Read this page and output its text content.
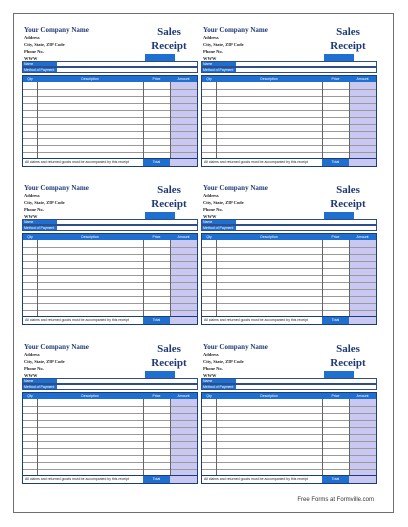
Your Company Name
Address
City, State, ZIP Code
Phone No.
WWW
Sales
Receipt
Name
Method of Payment
Qty	Description	Price	Amount
All claims and returned goods must be accompanied by this receipt	Total
Your Company Name
Address
City, State, ZIP Code
Phone No.
WWW
Sales
Receipt
Name
Method of Payment
Qty	Description	Price	Amount
All claims and returned goods must be accompanied by this receipt	Total
Your Company Name
Address
City, State, ZIP Code
Phone No.
WWW
Sales
Receipt
Name
Method of Payment
Qty	Description	Price	Amount
All claims and returned goods must be accompanied by this receipt	Total
Your Company Name
Address
City, State, ZIP Code
Phone No.
WWW
Sales
Receipt
Name
Method of Payment
Qty	Description	Price	Amount
All claims and returned goods must be accompanied by this receipt	Total
Your Company Name
Address
City, State, ZIP Code
Phone No.
WWW
Sales
Receipt
Name
Method of Payment
Qty	Description	Price	Amount
All claims and returned goods must be accompanied by this receipt	Total
Your Company Name
Address
City, State, ZIP Code
Phone No.
WWW
Sales
Receipt
Name
Method of Payment
Qty	Description	Price	Amount
All claims and returned goods must be accompanied by this receipt	Total
Free Forms at Formville.com
